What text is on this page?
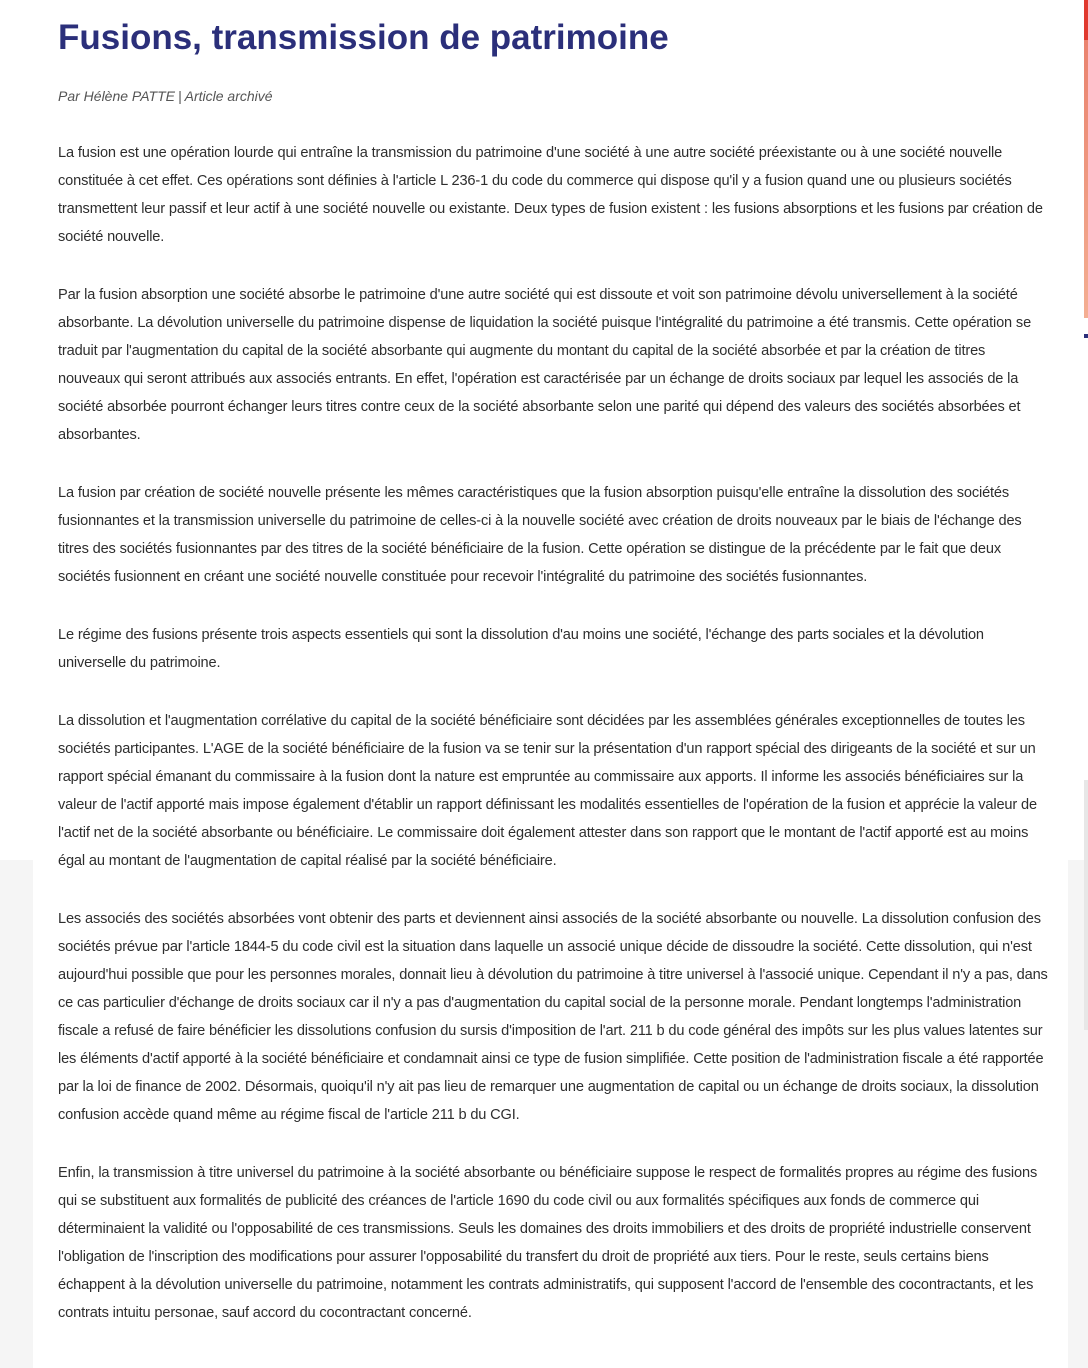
Fusions, transmission de patrimoine
Par Hélène PATTE | Article archivé

La fusion est une opération lourde qui entraîne la transmission du patrimoine d'une société à une autre société préexistante ou à une société nouvelle constituée à cet effet. Ces opérations sont définies à l'article L 236-1 du code du commerce qui dispose qu'il y a fusion quand une ou plusieurs sociétés transmettent leur passif et leur actif à une société nouvelle ou existante. Deux types de fusion existent : les fusions absorptions et les fusions par création de société nouvelle.

Par la fusion absorption une société absorbe le patrimoine d'une autre société qui est dissoute et voit son patrimoine dévolu universellement à la société absorbante. La dévolution universelle du patrimoine dispense de liquidation la société puisque l'intégralité du patrimoine a été transmis. Cette opération se traduit par l'augmentation du capital de la société absorbante qui augmente du montant du capital de la société absorbée et par la création de titres nouveaux qui seront attribués aux associés entrants. En effet, l'opération est caractérisée par un échange de droits sociaux par lequel les associés de la société absorbée pourront échanger leurs titres contre ceux de la société absorbante selon une parité qui dépend des valeurs des sociétés absorbées et absorbantes.

La fusion par création de société nouvelle présente les mêmes caractéristiques que la fusion absorption puisqu'elle entraîne la dissolution des sociétés fusionnantes et la transmission universelle du patrimoine de celles-ci à la nouvelle société avec création de droits nouveaux par le biais de l'échange des titres des sociétés fusionnantes par des titres de la société bénéficiaire de la fusion. Cette opération se distingue de la précédente par le fait que deux sociétés fusionnent en créant une société nouvelle constituée pour recevoir l'intégralité du patrimoine des sociétés fusionnantes.

Le régime des fusions présente trois aspects essentiels qui sont la dissolution d'au moins une société, l'échange des parts sociales et la dévolution universelle du patrimoine.

La dissolution et l'augmentation corrélative du capital de la société bénéficiaire sont décidées par les assemblées générales exceptionnelles de toutes les sociétés participantes. L'AGE de la société bénéficiaire de la fusion va se tenir sur la présentation d'un rapport spécial des dirigeants de la société et sur un rapport spécial émanant du commissaire à la fusion dont la nature est empruntée au commissaire aux apports. Il informe les associés bénéficiaires sur la valeur de l'actif apporté mais impose également d'établir un rapport définissant les modalités essentielles de l'opération de la fusion et apprécie la valeur de l'actif net de la société absorbante ou bénéficiaire. Le commissaire doit également attester dans son rapport que le montant de l'actif apporté est au moins égal au montant de l'augmentation de capital réalisé par la société bénéficiaire.

Les associés des sociétés absorbées vont obtenir des parts et deviennent ainsi associés de la société absorbante ou nouvelle. La dissolution confusion des sociétés prévue par l'article 1844-5 du code civil est la situation dans laquelle un associé unique décide de dissoudre la société. Cette dissolution, qui n'est aujourd'hui possible que pour les personnes morales, donnait lieu à dévolution du patrimoine à titre universel à l'associé unique. Cependant il n'y a pas, dans ce cas particulier d'échange de droits sociaux car il n'y a pas d'augmentation du capital social de la personne morale. Pendant longtemps l'administration fiscale a refusé de faire bénéficier les dissolutions confusion du sursis d'imposition de l'art. 211 b du code général des impôts sur les plus values latentes sur les éléments d'actif apporté à la société bénéficiaire et condamnait ainsi ce type de fusion simplifiée. Cette position de l'administration fiscale a été rapportée par la loi de finance de 2002. Désormais, quoiqu'il n'y ait pas lieu de remarquer une augmentation de capital ou un échange de droits sociaux, la dissolution confusion accède quand même au régime fiscal de l'article 211 b du CGI.

Enfin, la transmission à titre universel du patrimoine à la société absorbante ou bénéficiaire suppose le respect de formalités propres au régime des fusions qui se substituent aux formalités de publicité des créances de l'article 1690 du code civil ou aux formalités spécifiques aux fonds de commerce qui déterminaient la validité ou l'opposabilité de ces transmissions. Seuls les domaines des droits immobiliers et des droits de propriété industrielle conservent l'obligation de l'inscription des modifications pour assurer l'opposabilité du transfert du droit de propriété aux tiers. Pour le reste, seuls certains biens échappent à la dévolution universelle du patrimoine, notamment les contrats administratifs, qui supposent l'accord de l'ensemble des cocontractants, et les contrats intuitu personae, sauf accord du cocontractant concerné.
